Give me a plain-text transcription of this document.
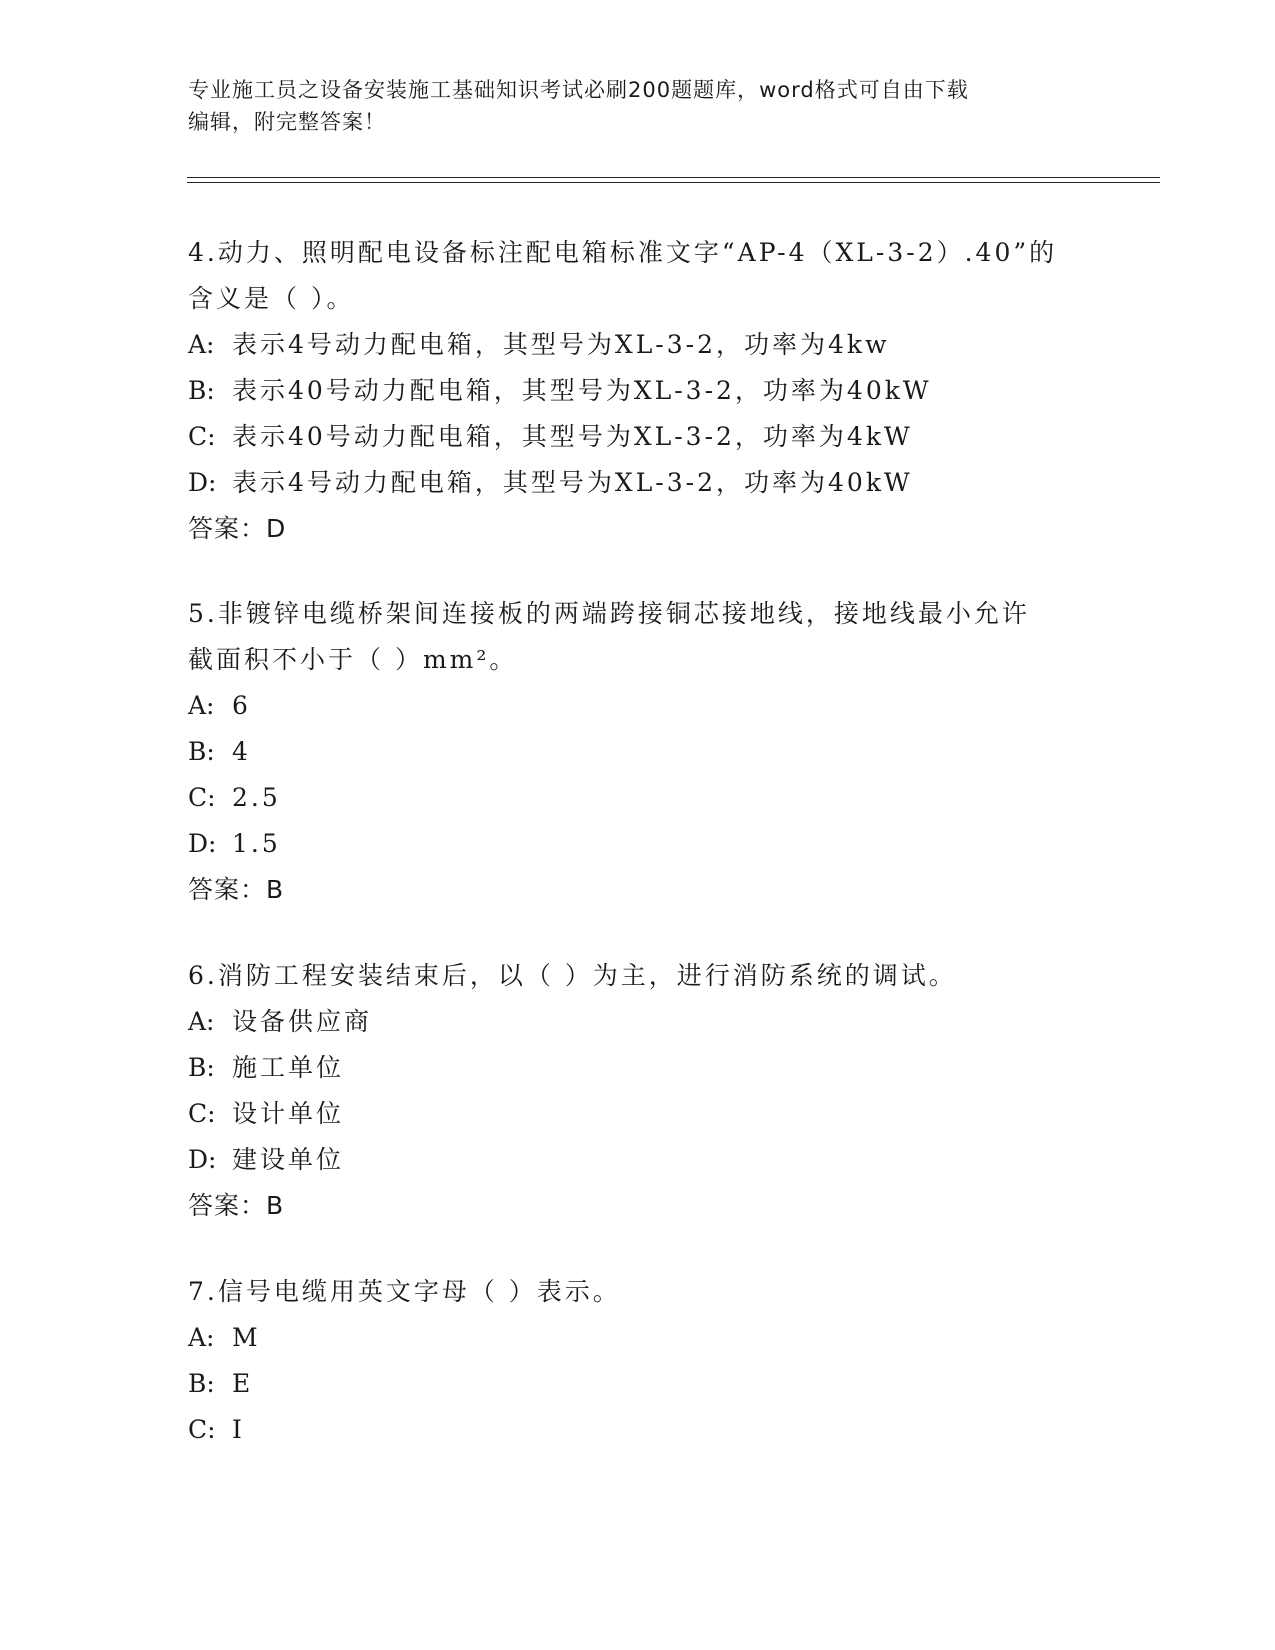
专业施工员之设备安装施工基础知识考试必刷200题题库，word格式可自由下载
编辑，附完整答案！
4.动力、照明配电设备标注配电箱标准文字“AP-4（XL-3-2）.40”的
含义是（ ）。
A: 表示4号动力配电箱，其型号为XL-3-2，功率为4kw
B: 表示40号动力配电箱，其型号为XL-3-2，功率为40kW
C: 表示40号动力配电箱，其型号为XL-3-2，功率为4kW
D: 表示4号动力配电箱，其型号为XL-3-2，功率为40kW
答案：D
5.非镀锌电缆桥架间连接板的两端跨接铜芯接地线，接地线最小允许
截面积不小于（ ）mm²。
A: 6
B: 4
C: 2.5
D: 1.5
答案：B
6.消防工程安装结束后，以（ ）为主，进行消防系统的调试。
A: 设备供应商
B: 施工单位
C: 设计单位
D: 建设单位
答案：B
7.信号电缆用英文字母（ ）表示。
A: M
B: E
C: I
